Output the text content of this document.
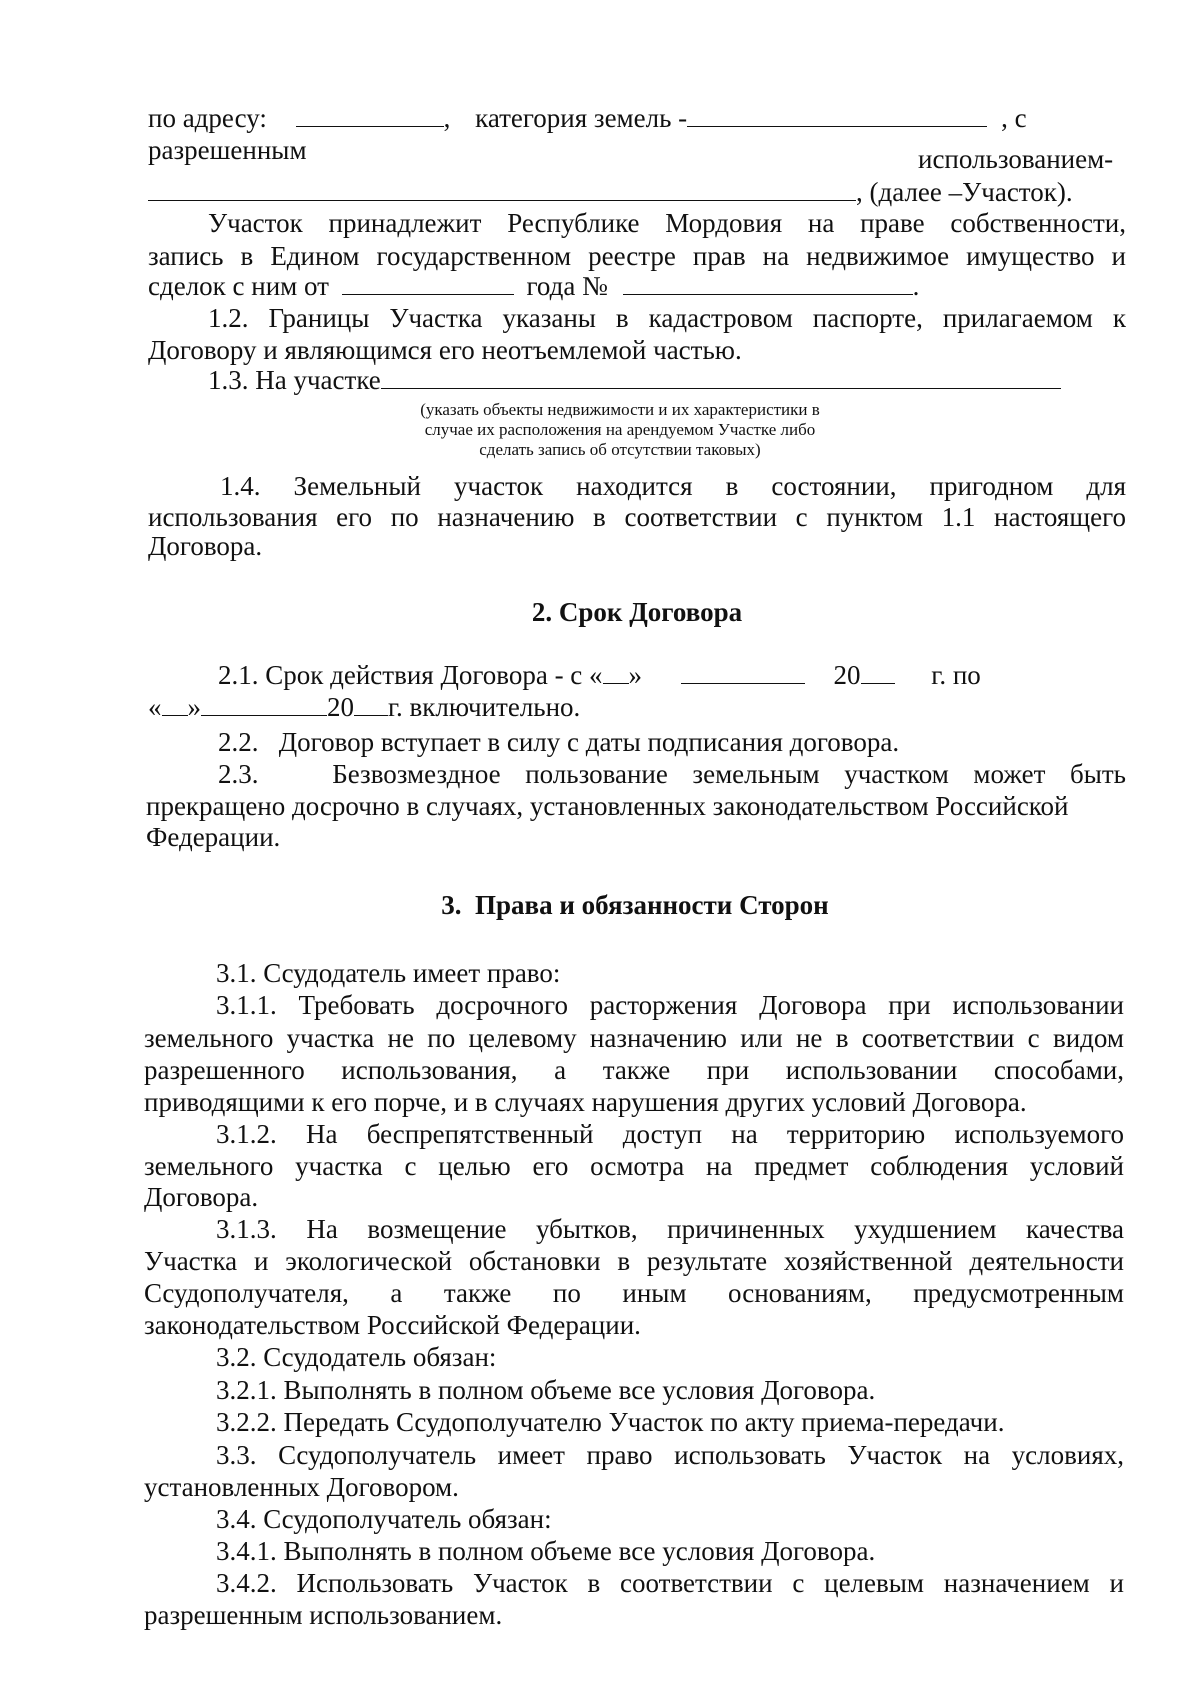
по адресу:	, категория земель -	, с
разрешенным	использованием-
, (далее –Участок).
Участок принадлежит Республике Мордовия на праве собственности,
запись в Едином государственном реестре прав на недвижимое имущество и
сделок с ним от	года №	.
1.2. Границы Участка указаны в кадастровом паспорте, прилагаемом к
Договору и являющимся его неотъемлемой частью.
1.3. На участке
(указать объекты недвижимости и их характеристики в
случае их расположения на арендуемом Участке либо
сделать запись об отсутствии таковых)
1.4. Земельный участок находится в состоянии, пригодном для
использования его по назначению в соответствии с пунктом 1.1 настоящего
Договора.
2. Срок Договора
2.1. Срок действия Договора - с « »	20	г. по
« »	20 г. включительно.
2.2.   Договор вступает в силу с даты подписания договора.
2.3.   Безвозмездное пользование земельным участком может быть
прекращено досрочно в случаях, установленных законодательством Российской
Федерации.
3.  Права и обязанности Сторон
3.1. Ссудодатель имеет право:
3.1.1. Требовать досрочного расторжения Договора при использовании
земельного участка не по целевому назначению или не в соответствии с видом
разрешенного использования, а также при использовании способами,
приводящими к его порче, и в случаях нарушения других условий Договора.
3.1.2. На беспрепятственный доступ на территорию используемого
земельного участка с целью его осмотра на предмет соблюдения условий
Договора.
3.1.3. На возмещение убытков, причиненных ухудшением качества
Участка и экологической обстановки в результате хозяйственной деятельности
Ссудополучателя, а также по иным основаниям, предусмотренным
законодательством Российской Федерации.
3.2. Ссудодатель обязан:
3.2.1. Выполнять в полном объеме все условия Договора.
3.2.2. Передать Ссудополучателю Участок по акту приема-передачи.
3.3. Ссудополучатель имеет право использовать Участок на условиях,
установленных Договором.
3.4. Ссудополучатель обязан:
3.4.1. Выполнять в полном объеме все условия Договора.
3.4.2. Использовать Участок в соответствии с целевым назначением и
разрешенным использованием.
